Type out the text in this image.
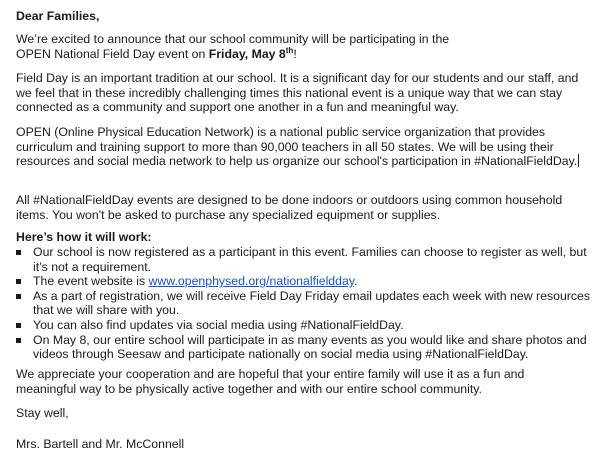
Dear Families,

We’re excited to announce that our school community will be participating in the OPEN National Field Day event on Friday, May 8th!

Field Day is an important tradition at our school. It is a significant day for our students and our staff, and we feel that in these incredibly challenging times this national event is a unique way that we can stay connected as a community and support one another in a fun and meaningful way.

OPEN (Online Physical Education Network) is a national public service organization that provides curriculum and training support to more than 90,000 teachers in all 50 states. We will be using their resources and social media network to help us organize our school's participation in #NationalFieldDay.

All #NationalFieldDay events are designed to be done indoors or outdoors using common household items. You won't be asked to purchase any specialized equipment or supplies.

Here’s how it will work:

Our school is now registered as a participant in this event. Families can choose to register as well, but it’s not a requirement.
The event website is www.openphysed.org/nationalfieldday.
As a part of registration, we will receive Field Day Friday email updates each week with new resources that we will share with you.
You can also find updates via social media using #NationalFieldDay.
On May 8, our entire school will participate in as many events as you would like and share photos and videos through Seesaw and participate nationally on social media using #NationalFieldDay.

We appreciate your cooperation and are hopeful that your entire family will use it as a fun and meaningful way to be physically active together and with our entire school community.

Stay well,

Mrs. Bartell and Mr. McConnell
